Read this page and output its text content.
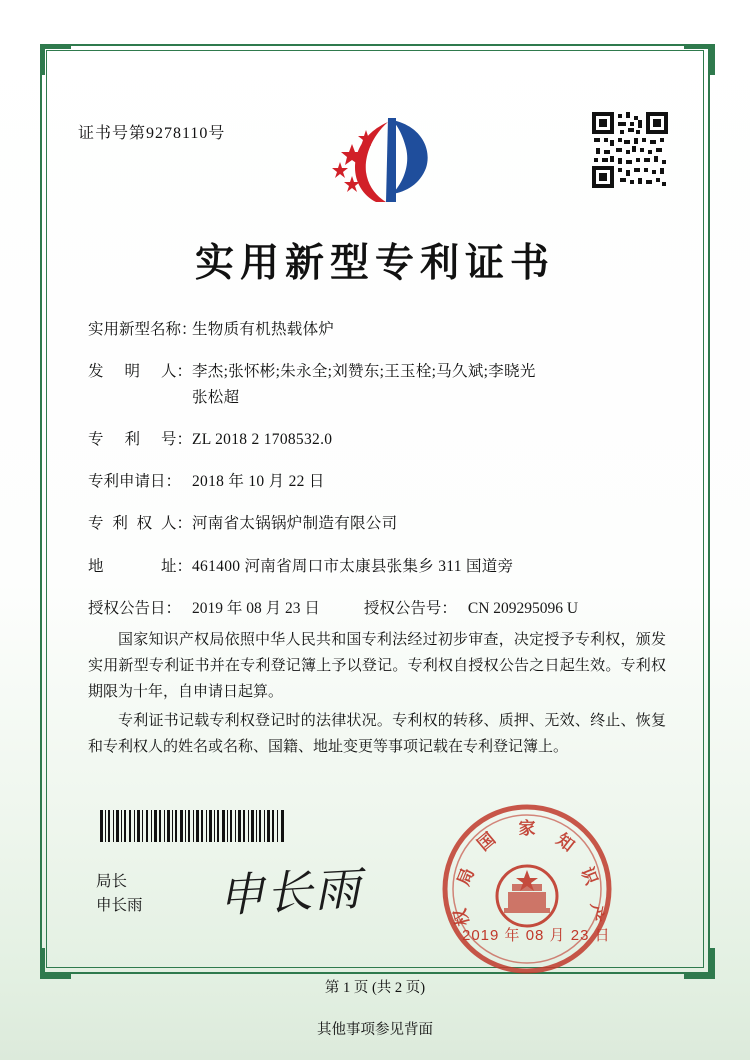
证书号第9278110号
实用新型专利证书
实用新型名称：
生物质有机热载体炉
发 明 人： 李杰;张怀彬;朱永全;刘赞东;王玉栓;马久斌;李晓光
张松超
专 利 号： ZL 2018 2 1708532.0
专利申请日： 2018 年 10 月 22 日
专 利 权 人： 河南省太锅锅炉制造有限公司
地	址： 461400 河南省周口市太康县张集乡 311 国道旁
授权公告日： 2019 年 08 月 23 日	授权公告号： CN 209295096 U

国家知识产权局依照中华人民共和国专利法经过初步审查，决定授予专利权，颁发实用新型专利证书并在专利登记簿上予以登记。专利权自授权公告之日起生效。专利权期限为十年，自申请日起算。

专利证书记载专利权登记时的法律状况。专利权的转移、质押、无效、终止、恢复和专利权人的姓名或名称、国籍、地址变更等事项记载在专利登记簿上。

局长
申长雨 申长雨
家
国	知
识
产
局
权
2019 年 08 月 23 日
第 1 页 (共 2 页)
其他事项参见背面
